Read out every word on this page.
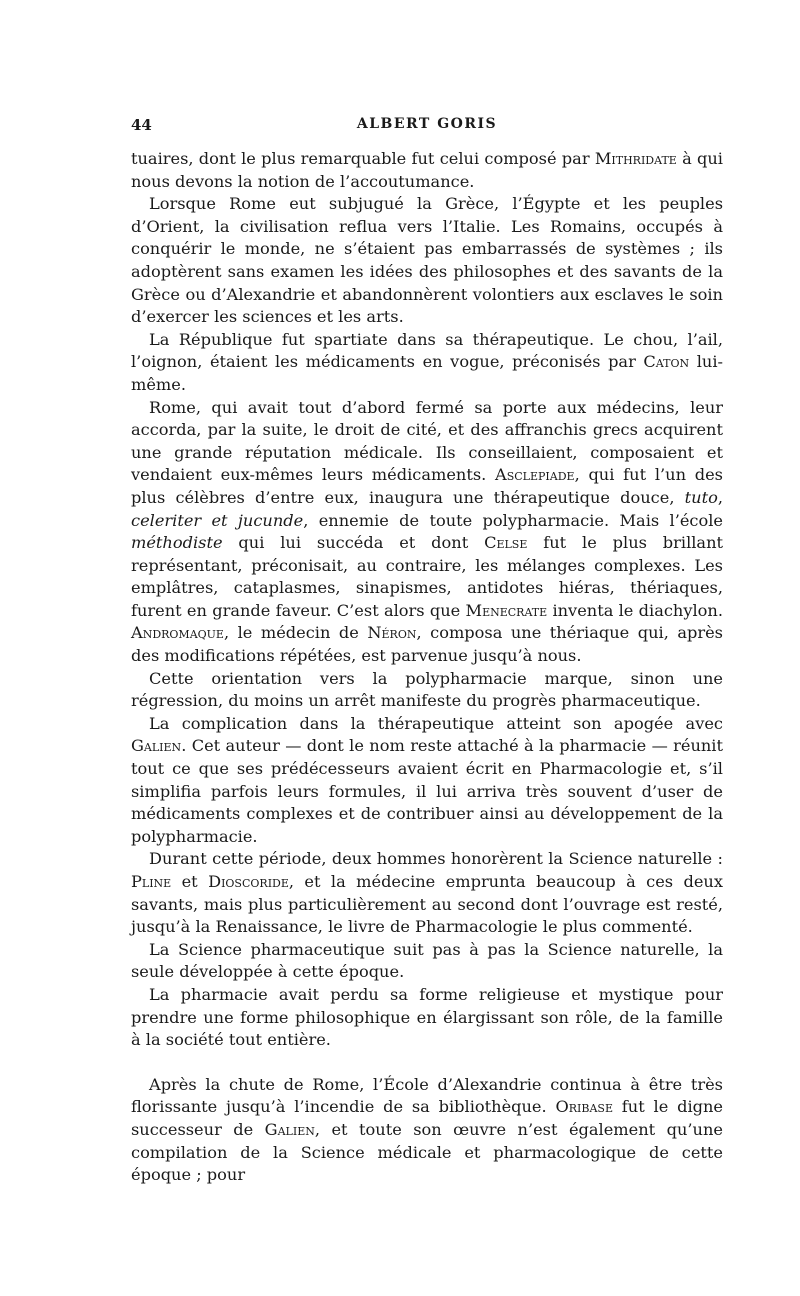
44	ALBERT GORIS

tuaires, dont le plus remarquable fut celui composé par Mithridate à qui nous devons la notion de l’accoutumance.

Lorsque Rome eut subjugué la Grèce, l’Égypte et les peuples d’Orient, la civilisation reflua vers l’Italie. Les Romains, occupés à conquérir le monde, ne s’étaient pas embarrassés de systèmes ; ils adoptèrent sans examen les idées des philosophes et des savants de la Grèce ou d’Alexandrie et abandonnèrent volontiers aux esclaves le soin d’exercer les sciences et les arts.

La République fut spartiate dans sa thérapeutique. Le chou, l’ail, l’oignon, étaient les médicaments en vogue, préconisés par Caton lui-même.

Rome, qui avait tout d’abord fermé sa porte aux médecins, leur accorda, par la suite, le droit de cité, et des affranchis grecs acquirent une grande réputation médicale. Ils conseillaient, composaient et vendaient eux-mêmes leurs médicaments. Asclepiade, qui fut l’un des plus célèbres d’entre eux, inaugura une thérapeutique douce, tuto, celeriter et jucunde, ennemie de toute polypharmacie. Mais l’école méthodiste qui lui succéda et dont Celse fut le plus brillant représentant, préconisait, au contraire, les mélanges complexes. Les emplâtres, cataplasmes, sinapismes, antidotes hiéras, thériaques, furent en grande faveur. C’est alors que Menecrate inventa le diachylon. Andromaque, le médecin de Néron, composa une thériaque qui, après des modifications répétées, est parvenue jusqu’à nous.

Cette orientation vers la polypharmacie marque, sinon une régression, du moins un arrêt manifeste du progrès pharmaceutique.

La complication dans la thérapeutique atteint son apogée avec Galien. Cet auteur — dont le nom reste attaché à la pharmacie — réunit tout ce que ses prédécesseurs avaient écrit en Pharmacologie et, s’il simplifia parfois leurs formules, il lui arriva très souvent d’user de médicaments complexes et de contribuer ainsi au développement de la polypharmacie.

Durant cette période, deux hommes honorèrent la Science naturelle : Pline et Dioscoride, et la médecine emprunta beaucoup à ces deux savants, mais plus particulièrement au second dont l’ouvrage est resté, jusqu’à la Renaissance, le livre de Pharmacologie le plus commenté.

La Science pharmaceutique suit pas à pas la Science naturelle, la seule développée à cette époque.

La pharmacie avait perdu sa forme religieuse et mystique pour prendre une forme philosophique en élargissant son rôle, de la famille à la société tout entière.

Après la chute de Rome, l’École d’Alexandrie continua à être très florissante jusqu’à l’incendie de sa bibliothèque. Oribase fut le digne successeur de Galien, et toute son œuvre n’est également qu’une compilation de la Science médicale et pharmacologique de cette époque ; pour
